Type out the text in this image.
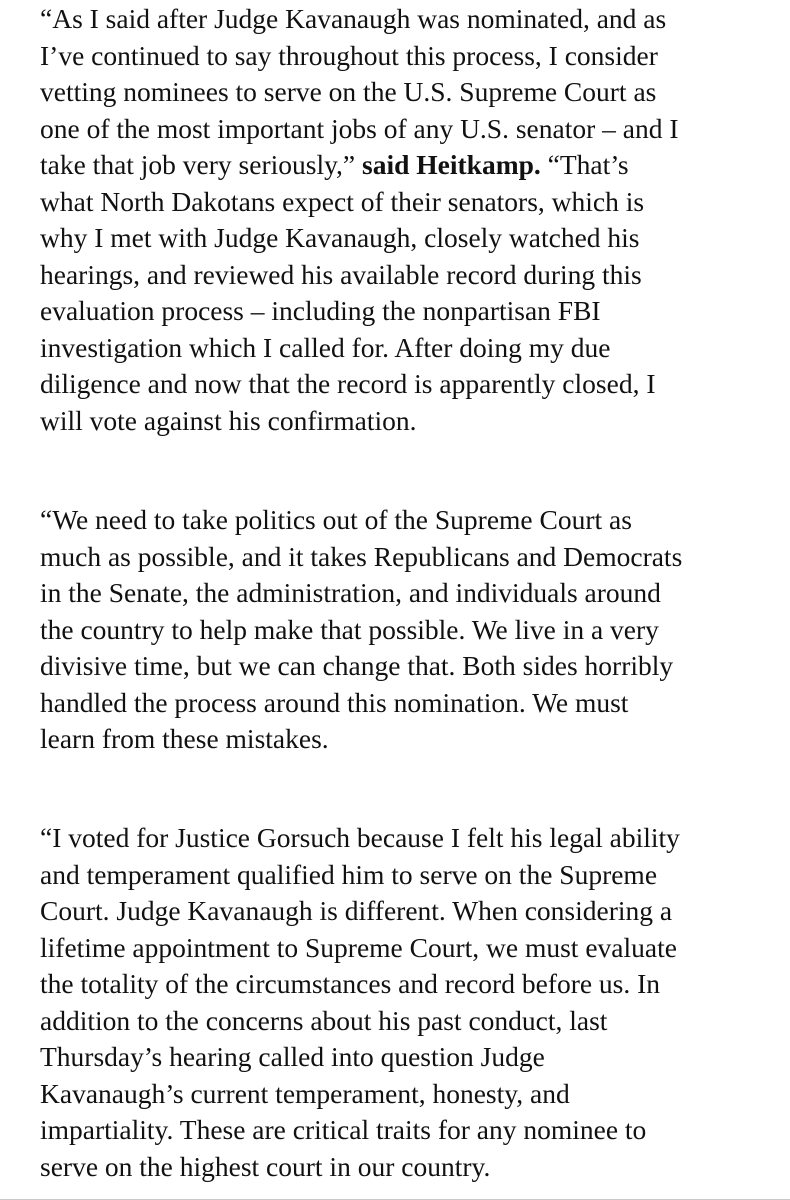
“As I said after Judge Kavanaugh was nominated, and as
I’ve continued to say throughout this process, I consider
vetting nominees to serve on the U.S. Supreme Court as
one of the most important jobs of any U.S. senator – and I
take that job very seriously,” said Heitkamp. “That’s
what North Dakotans expect of their senators, which is
why I met with Judge Kavanaugh, closely watched his
hearings, and reviewed his available record during this
evaluation process – including the nonpartisan FBI
investigation which I called for. After doing my due
diligence and now that the record is apparently closed, I
will vote against his confirmation.

“We need to take politics out of the Supreme Court as
much as possible, and it takes Republicans and Democrats
in the Senate, the administration, and individuals around
the country to help make that possible. We live in a very
divisive time, but we can change that. Both sides horribly
handled the process around this nomination. We must
learn from these mistakes.

“I voted for Justice Gorsuch because I felt his legal ability
and temperament qualified him to serve on the Supreme
Court. Judge Kavanaugh is different. When considering a
lifetime appointment to Supreme Court, we must evaluate
the totality of the circumstances and record before us. In
addition to the concerns about his past conduct, last
Thursday’s hearing called into question Judge
Kavanaugh’s current temperament, honesty, and
impartiality. These are critical traits for any nominee to
serve on the highest court in our country.
